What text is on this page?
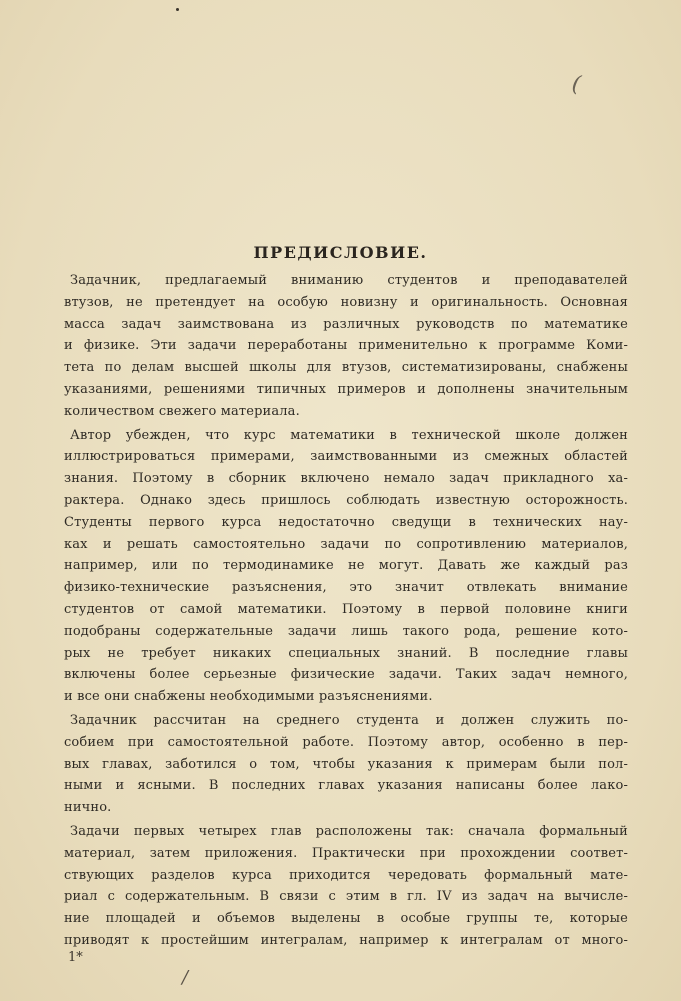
(
ПРЕДИСЛОВИЕ.

Задачник, предлагаемый вниманию студентов и преподавателей
втузов, не претендует на особую новизну и оригинальность. Основная
масса задач заимствована из различных руководств по математике
и физике. Эти задачи переработаны применительно к программе Коми-
тета по делам высшей школы для втузов, систематизированы, снабжены
указаниями, решениями типичных примеров и дополнены значительным
количеством свежего материала.

Автор убежден, что курс математики в технической школе должен
иллюстрироваться примерами, заимствованными из смежных областей
знания. Поэтому в сборник включено немало задач прикладного ха-
рактера. Однако здесь пришлось соблюдать известную осторожность.
Студенты первого курса недостаточно сведущи в технических нау-
ках и решать самостоятельно задачи по сопротивлению материалов,
например, или по термодинамике не могут. Давать же каждый раз
физико-технические разъяснения, это значит отвлекать внимание
студентов от самой математики. Поэтому в первой половине книги
подобраны содержательные задачи лишь такого рода, решение кото-
рых не требует никаких специальных знаний. В последние главы
включены более серьезные физические задачи. Таких задач немного,
и все они снабжены необходимыми разъяснениями.

Задачник рассчитан на среднего студента и должен служить по-
собием при самостоятельной работе. Поэтому автор, особенно в пер-
вых главах, заботился о том, чтобы указания к примерам были пол-
ными и ясными. В последних главах указания написаны более лако-
нично.

Задачи первых четырех глав расположены так: сначала формальный
материал, затем приложения. Практически при прохождении соответ-
ствующих разделов курса приходится чередовать формальный мате-
риал с содержательным. В связи с этим в гл. IV из задач на вычисле-
ние площадей и объемов выделены в особые группы те, которые
приводят к простейшим интегралам, например к интегралам от много-

1*
/
